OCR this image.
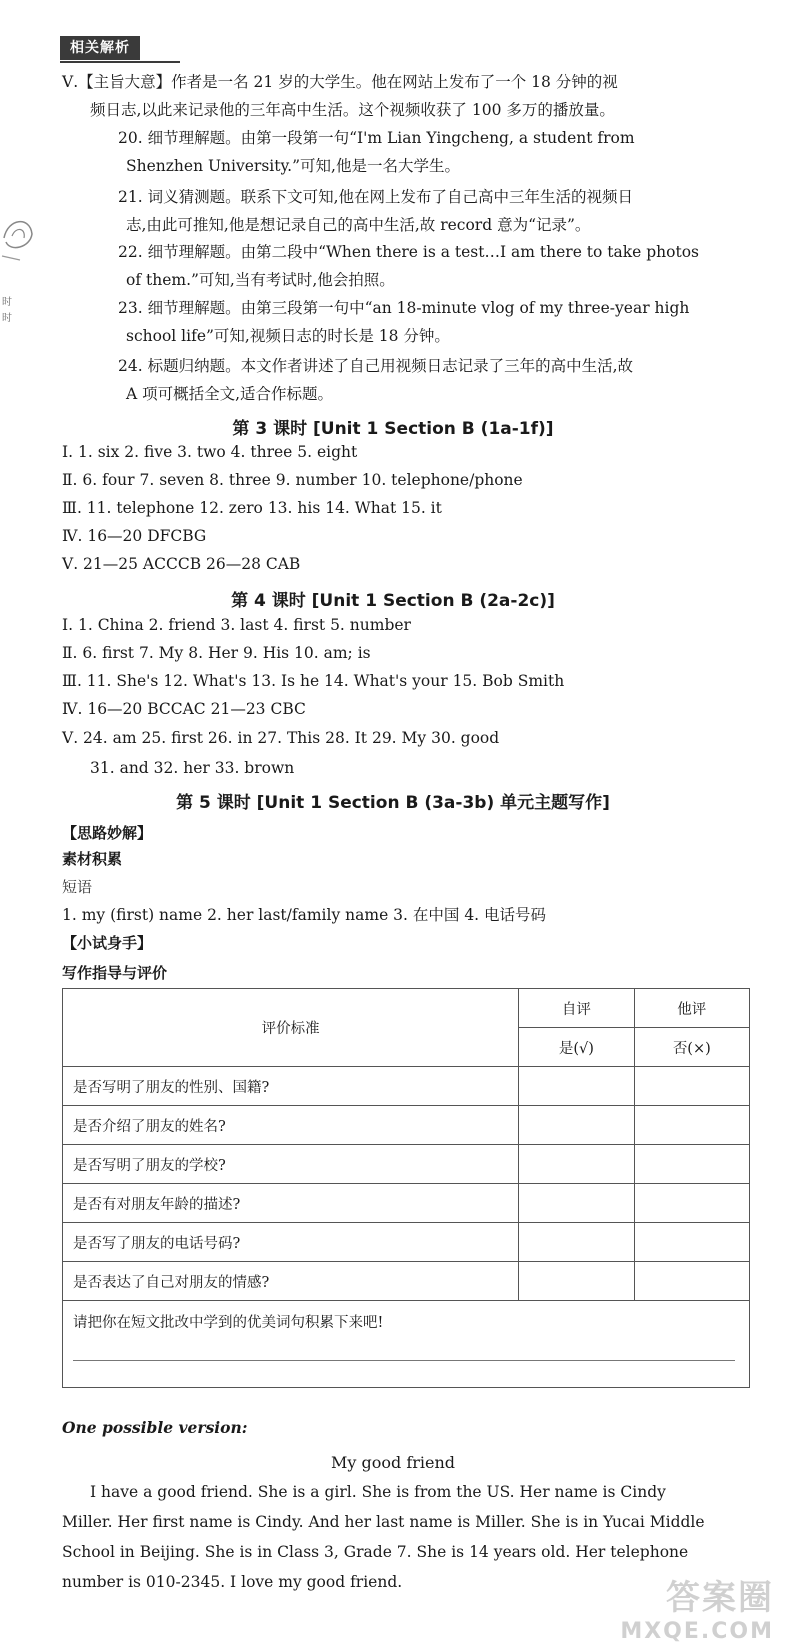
相关解析
时
时
Ⅴ.【主旨大意】作者是一名 21 岁的大学生。他在网站上发布了一个 18 分钟的视
频日志,以此来记录他的三年高中生活。这个视频收获了 100 多万的播放量。
20. 细节理解题。由第一段第一句“I'm Lian Yingcheng, a student from
Shenzhen University.”可知,他是一名大学生。
21. 词义猜测题。联系下文可知,他在网上发布了自己高中三年生活的视频日
志,由此可推知,他是想记录自己的高中生活,故 record 意为“记录”。
22. 细节理解题。由第二段中“When there is a test…I am there to take photos
of them.”可知,当有考试时,他会拍照。
23. 细节理解题。由第三段第一句中“an 18-minute vlog of my three-year high
school life”可知,视频日志的时长是 18 分钟。
24. 标题归纳题。本文作者讲述了自己用视频日志记录了三年的高中生活,故
A 项可概括全文,适合作标题。
第 3 课时 [Unit 1 Section B (1a-1f)]
Ⅰ. 1. six 2. five 3. two 4. three 5. eight
Ⅱ. 6. four 7. seven 8. three 9. number 10. telephone/phone
Ⅲ. 11. telephone 12. zero 13. his 14. What 15. it
Ⅳ. 16—20 DFCBG
Ⅴ. 21—25 ACCCB 26—28 CAB
第 4 课时 [Unit 1 Section B (2a-2c)]
Ⅰ. 1. China 2. friend 3. last 4. first 5. number
Ⅱ. 6. first 7. My 8. Her 9. His 10. am; is
Ⅲ. 11. She's 12. What's 13. Is he 14. What's your 15. Bob Smith
Ⅳ. 16—20 BCCAC 21—23 CBC
Ⅴ. 24. am 25. first 26. in 27. This 28. It 29. My 30. good
31. and 32. her 33. brown
第 5 课时 [Unit 1 Section B (3a-3b) 单元主题写作]
【思路妙解】
素材积累
短语
1. my (first) name 2. her last/family name 3. 在中国 4. 电话号码
【小试身手】
写作指导与评价
评价标准	自评	他评
	是(√)	否(×)
是否写明了朋友的性别、国籍?		
是否介绍了朋友的姓名?		
是否写明了朋友的学校?		
是否有对朋友年龄的描述?		
是否写了朋友的电话号码?		
是否表达了自己对朋友的情感?		

请把你在短文批改中学到的优美词句积累下来吧!		
One possible version:
My good friend
I have a good friend. She is a girl. She is from the US. Her name is Cindy
Miller. Her first name is Cindy. And her last name is Miller. She is in Yucai Middle
School in Beijing. She is in Class 3, Grade 7. She is 14 years old. Her telephone
number is 010-2345. I love my good friend.	答案圈
MXQE.COM
